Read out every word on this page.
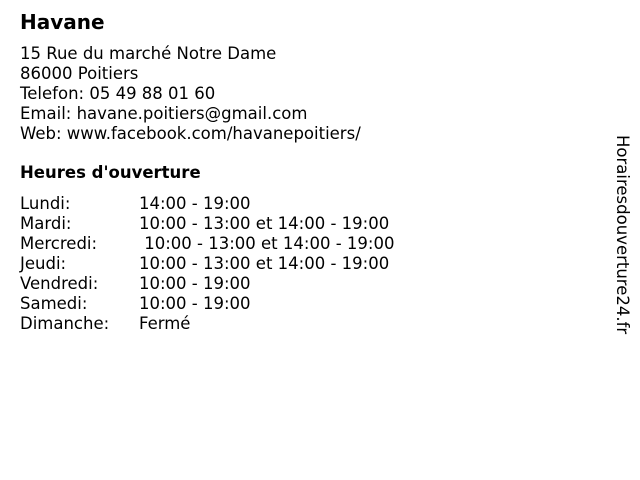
Havane
15 Rue du marché Notre Dame
86000 Poitiers
Telefon: 05 49 88 01 60
Email: havane.poitiers@gmail.com
Web: www.facebook.com/havanepoitiers/
Heures d'ouverture
Lundi:	14:00 - 19:00
Mardi:	10:00 - 13:00 et 14:00 - 19:00
Mercredi:	10:00 - 13:00 et 14:00 - 19:00
Jeudi:	10:00 - 13:00 et 14:00 - 19:00
Vendredi:	10:00 - 19:00
Samedi:	10:00 - 19:00
Dimanche:	Fermé	Horairesdouverture24.fr
